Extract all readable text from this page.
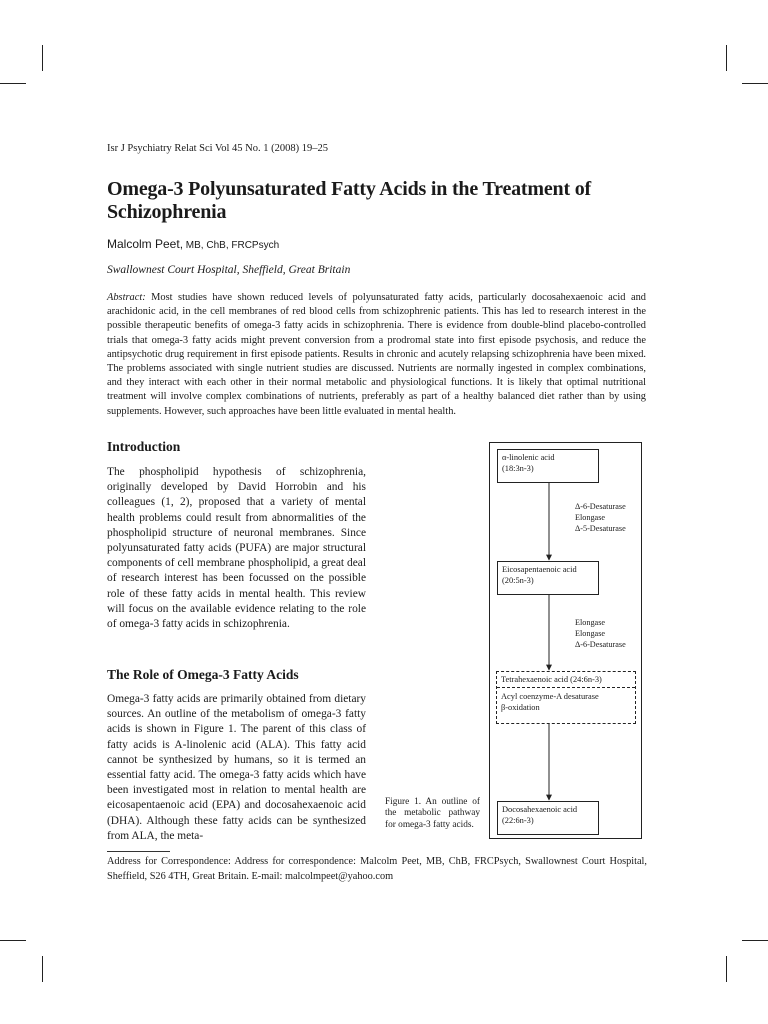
Isr J Psychiatry Relat Sci Vol 45 No. 1 (2008) 19–25
Omega-3 Polyunsaturated Fatty Acids in the Treatment of Schizophrenia
Malcolm Peet, MB, ChB, FRCPsych
Swallownest Court Hospital, Sheffield, Great Britain

Abstract: Most studies have shown reduced levels of polyunsaturated fatty acids, particularly docosahexaenoic acid and arachidonic acid, in the cell membranes of red blood cells from schizophrenic patients. This has led to research interest in the possible therapeutic benefits of omega-3 fatty acids in schizophrenia. There is evidence from double-blind placebo-controlled trials that omega-3 fatty acids might prevent conversion from a prodromal state into first episode psychosis, and reduce the antipsychotic drug requirement in first episode patients. Results in chronic and acutely relapsing schizophrenia have been mixed. The problems associated with single nutrient studies are discussed. Nutrients are normally ingested in complex combinations, and they interact with each other in their normal metabolic and physiological functions. It is likely that optimal nutritional treatment will involve complex combinations of nutrients, preferably as part of a healthy balanced diet rather than by using supplements. However, such approaches have been little evaluated in mental health.

Introduction

The phospholipid hypothesis of schizophrenia, originally developed by David Horrobin and his colleagues (1, 2), proposed that a variety of mental health problems could result from abnormalities of the phospholipid structure of neuronal membranes. Since polyunsaturated fatty acids (PUFA) are major structural components of cell membrane phospholipid, a great deal of research interest has been focussed on the possible role of these fatty acids in mental health. This review will focus on the available evidence relating to the role of omega-3 fatty acids in schizophrenia.

The Role of Omega-3 Fatty Acids

Omega-3 fatty acids are primarily obtained from dietary sources. An outline of the metabolism of omega-3 fatty acids is shown in Figure 1. The parent of this class of fatty acids is A-linolenic acid (ALA). This fatty acid cannot be synthesized by humans, so it is termed an essential fatty acid. The omega-3 fatty acids which have been investigated most in relation to mental health are eicosapentaenoic acid (EPA) and docosahexaenoic acid (DHA). Although these fatty acids can be synthesized from ALA, the meta-

Figure 1. An outline of the metabolic pathway for omega-3 fatty acids.

α-linolenic acid
(18:3n-3)
Δ-6-Desaturase
Elongase
Δ-5-Desaturase
Eicosapentaenoic acid
(20:5n-3)
Elongase
Elongase
Δ-6-Desaturase
Tetrahexaenoic acid (24:6n-3)
Acyl coenzyme-A desaturase
β-oxidation
Docosahexaenoic acid
(22:6n-3)

Address for Correspondence: Address for correspondence: Malcolm Peet, MB, ChB, FRCPsych, Swallownest Court Hospital, Sheffield, S26 4TH, Great Britain. E-mail: malcolmpeet@yahoo.com
